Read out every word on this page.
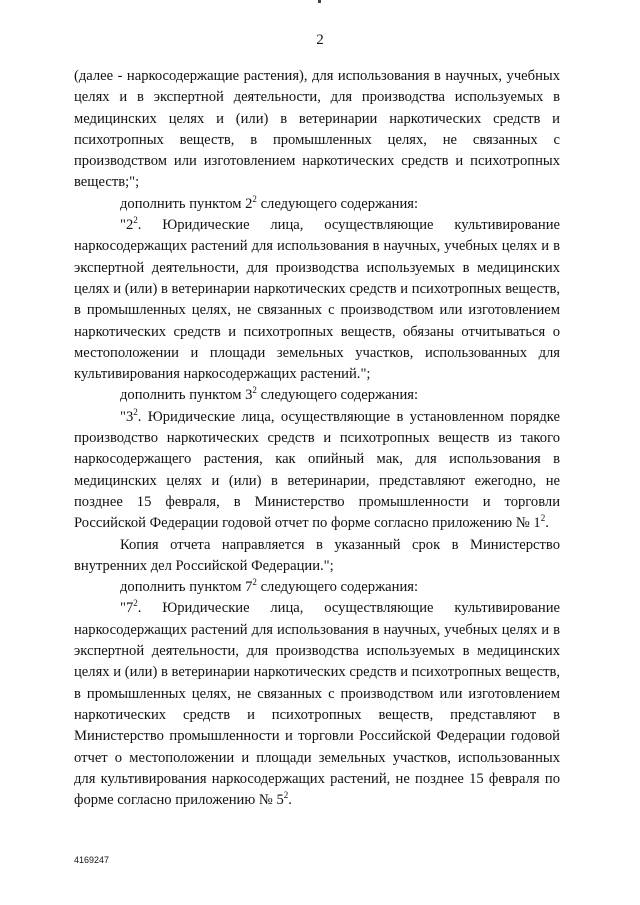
2

(далее - наркосодержащие растения), для использования в научных, учебных целях и в экспертной деятельности, для производства используемых в медицинских целях и (или) в ветеринарии наркотических средств и психотропных веществ, в промышленных целях, не связанных с производством или изготовлением наркотических средств и психотропных веществ;";

дополнить пунктом $2^2$ следующего содержания:

"$2^2$. Юридические лица, осуществляющие культивирование наркосодержащих растений для использования в научных, учебных целях и в экспертной деятельности, для производства используемых в медицинских целях и (или) в ветеринарии наркотических средств и психотропных веществ, в промышленных целях, не связанных с производством или изготовлением наркотических средств и психотропных веществ, обязаны отчитываться о местоположении и площади земельных участков, использованных для культивирования наркосодержащих растений.";

дополнить пунктом $3^2$ следующего содержания:

"$3^2$. Юридические лица, осуществляющие в установленном порядке производство наркотических средств и психотропных веществ из такого наркосодержащего растения, как опийный мак, для использования в медицинских целях и (или) в ветеринарии, представляют ежегодно, не позднее 15 февраля, в Министерство промышленности и торговли Российской Федерации годовой отчет по форме согласно приложению № $1^2$.

Копия отчета направляется в указанный срок в Министерство внутренних дел Российской Федерации.";

дополнить пунктом $7^2$ следующего содержания:

"$7^2$. Юридические лица, осуществляющие культивирование наркосодержащих растений для использования в научных, учебных целях и в экспертной деятельности, для производства используемых в медицинских целях и (или) в ветеринарии наркотических средств и психотропных веществ, в промышленных целях, не связанных с производством или изготовлением наркотических средств и психотропных веществ, представляют в Министерство промышленности и торговли Российской Федерации годовой отчет о местоположении и площади земельных участков, использованных для культивирования наркосодержащих растений, не позднее 15 февраля по форме согласно приложению № $5^2$.

4169247
